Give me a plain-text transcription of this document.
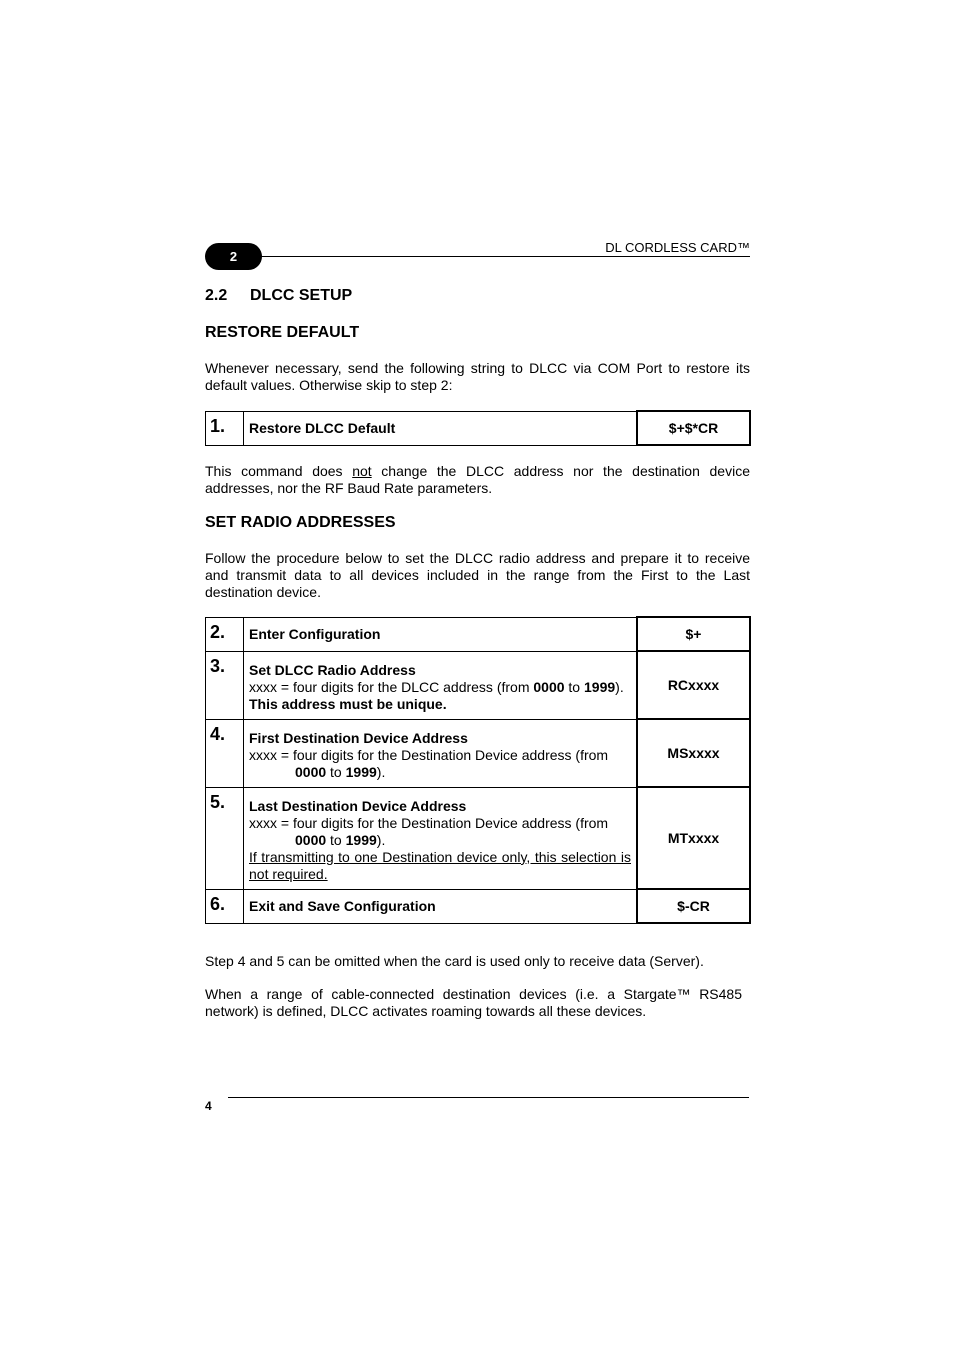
DL CORDLESS CARD™
2
2.2 DLCC SETUP
RESTORE DEFAULT
Whenever necessary, send the following string to DLCC via COM Port to restore its default values. Otherwise skip to step 2:
1.	Restore DLCC Default	$+$*CR
This command does not change the DLCC address nor the destination device addresses, nor the RF Baud Rate parameters.
SET RADIO ADDRESSES
Follow the procedure below to set the DLCC radio address and prepare it to receive and transmit data to all devices included in the range from the First to the Last destination device.
2.	Enter Configuration	$+
3.	Set DLCC Radio Address
xxxx = four digits for the DLCC address (from 0000 to 1999).
This address must be unique.	RCxxxx
4.	First Destination Device Address
xxxx = four digits for the Destination Device address (from

0000 to 1999).	MSxxxx
5.	Last Destination Device Address
xxxx = four digits for the Destination Device address (from

0000 to 1999).
If transmitting to one Destination device only, this selection is not required.	MTxxxx
6.	Exit and Save Configuration	$-CR
Step 4 and 5 can be omitted when the card is used only to receive data (Server).
When a range of cable-connected destination devices (i.e. a Stargate™ RS485 network) is defined, DLCC activates roaming towards all these devices.
4
